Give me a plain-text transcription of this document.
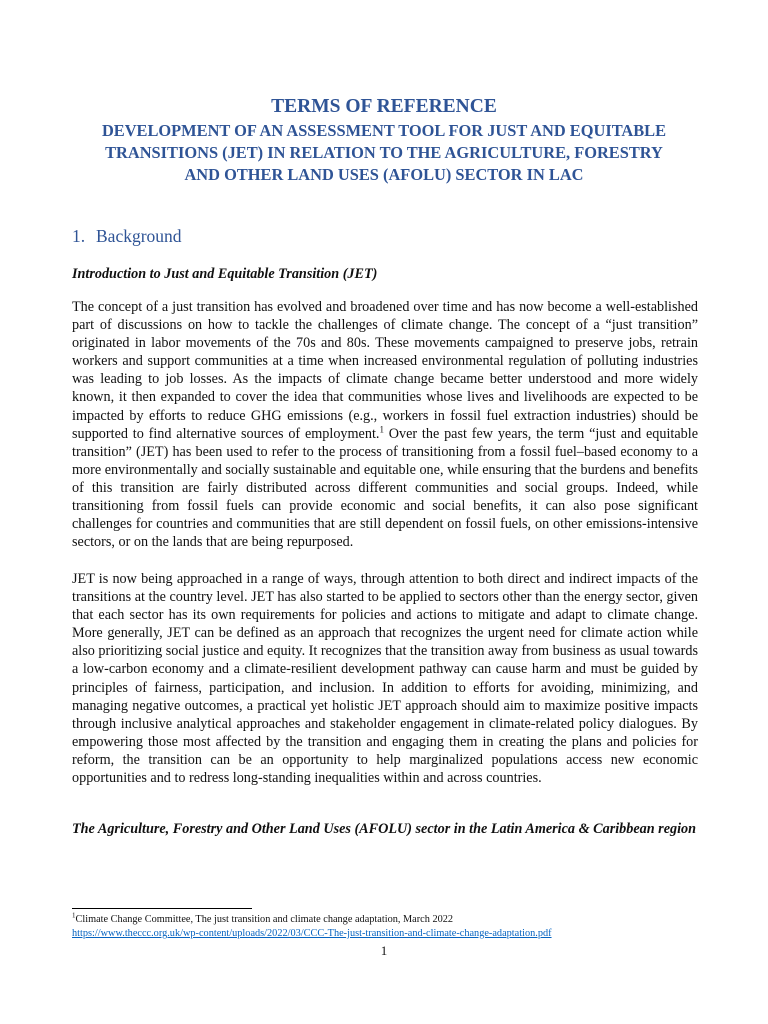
TERMS OF REFERENCE
DEVELOPMENT OF AN ASSESSMENT TOOL FOR JUST AND EQUITABLE
TRANSITIONS (JET) IN RELATION TO THE AGRICULTURE, FORESTRY
AND OTHER LAND USES (AFOLU) SECTOR IN LAC
1. Background
Introduction to Just and Equitable Transition (JET)
The concept of a just transition has evolved and broadened over time and has now become a well-established part of discussions on how to tackle the challenges of climate change. The concept of a “just transition” originated in labor movements of the 70s and 80s. These movements campaigned to preserve jobs, retrain workers and support communities at a time when increased environmental regulation of polluting industries was leading to job losses. As the impacts of climate change became better understood and more widely known, it then expanded to cover the idea that communities whose lives and livelihoods are expected to be impacted by efforts to reduce GHG emissions (e.g., workers in fossil fuel extraction industries) should be supported to find alternative sources of employment.$^1$ Over the past few years, the term “just and equitable transition” (JET) has been used to refer to the process of transitioning from a fossil fuel–based economy to a more environmentally and socially sustainable and equitable one, while ensuring that the burdens and benefits of this transition are fairly distributed across different communities and social groups. Indeed, while transitioning from fossil fuels can provide economic and social benefits, it can also pose significant challenges for countries and communities that are still dependent on fossil fuels, on other emissions-intensive sectors, or on the lands that are being repurposed.
JET is now being approached in a range of ways, through attention to both direct and indirect impacts of the transitions at the country level. JET has also started to be applied to sectors other than the energy sector, given that each sector has its own requirements for policies and actions to mitigate and adapt to climate change. More generally, JET can be defined as an approach that recognizes the urgent need for climate action while also prioritizing social justice and equity. It recognizes that the transition away from business as usual towards a low-carbon economy and a climate-resilient development pathway can cause harm and must be guided by principles of fairness, participation, and inclusion. In addition to efforts for avoiding, minimizing, and managing negative outcomes, a practical yet holistic JET approach should aim to maximize positive impacts through inclusive analytical approaches and stakeholder engagement in climate-related policy dialogues. By empowering those most affected by the transition and engaging them in creating the plans and policies for reform, the transition can be an opportunity to help marginalized populations access new economic opportunities and to redress long-standing inequalities within and across countries.
The Agriculture, Forestry and Other Land Uses (AFOLU) sector in the Latin America & Caribbean region
$^1$Climate Change Committee, The just transition and climate change adaptation, March 2022
https://www.theccc.org.uk/wp-content/uploads/2022/03/CCC-The-just-transition-and-climate-change-adaptation.pdf
1
